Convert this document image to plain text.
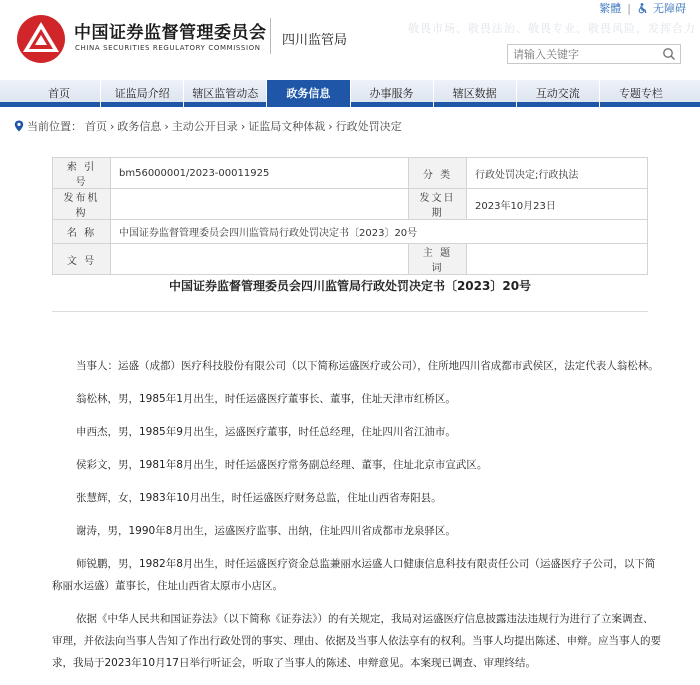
中国证券监督管理委员会
CHINA SECURITIES REGULATORY COMMISSION 四川监管局
敬畏市场、敬畏法治、敬畏专业、敬畏风险，发挥合力
繁體 | 无障碍
请输入关键字
首页	证监局介绍	辖区监管动态	政务信息	办事服务	辖区数据	互动交流	专题专栏
当前位置： 首页 › 政务信息 › 主动公开目录 › 证监局文种体裁 › 行政处罚决定
索 引 号	bm56000001/2023-00011925	分 类	行政处罚决定;行政执法
发布机构		发文日期	2023年10月23日
名 称	中国证券监督管理委员会四川监管局行政处罚决定书〔2023〕20号		
文 号		主 题 词	
中国证券监督管理委员会四川监管局行政处罚决定书〔2023〕20号

当事人：运盛（成都）医疗科技股份有限公司（以下简称运盛医疗或公司），住所地四川省成都市武侯区，法定代表人翁松林。

翁松林，男，1985年1月出生，时任运盛医疗董事长、董事，住址天津市红桥区。

申西杰，男，1985年9月出生，运盛医疗董事，时任总经理，住址四川省江油市。

侯彩文，男，1981年8月出生，时任运盛医疗常务副总经理、董事，住址北京市宣武区。

张慧辉，女，1983年10月出生，时任运盛医疗财务总监，住址山西省寿阳县。

谢涛，男，1990年8月出生，运盛医疗监事、出纳，住址四川省成都市龙泉驿区。

师锐鹏，男，1982年8月出生，时任运盛医疗资金总监兼丽水运盛人口健康信息科技有限责任公司（运盛医疗子公司，以下简称丽水运盛）董事长，住址山西省太原市小店区。

依据《中华人民共和国证券法》（以下简称《证券法》）的有关规定，我局对运盛医疗信息披露违法违规行为进行了立案调查、审理，并依法向当事人告知了作出行政处罚的事实、理由、依据及当事人依法享有的权利。当事人均提出陈述、申辩。应当事人的要求，我局于2023年10月17日举行听证会，听取了当事人的陈述、申辩意见。本案现已调查、审理终结。
